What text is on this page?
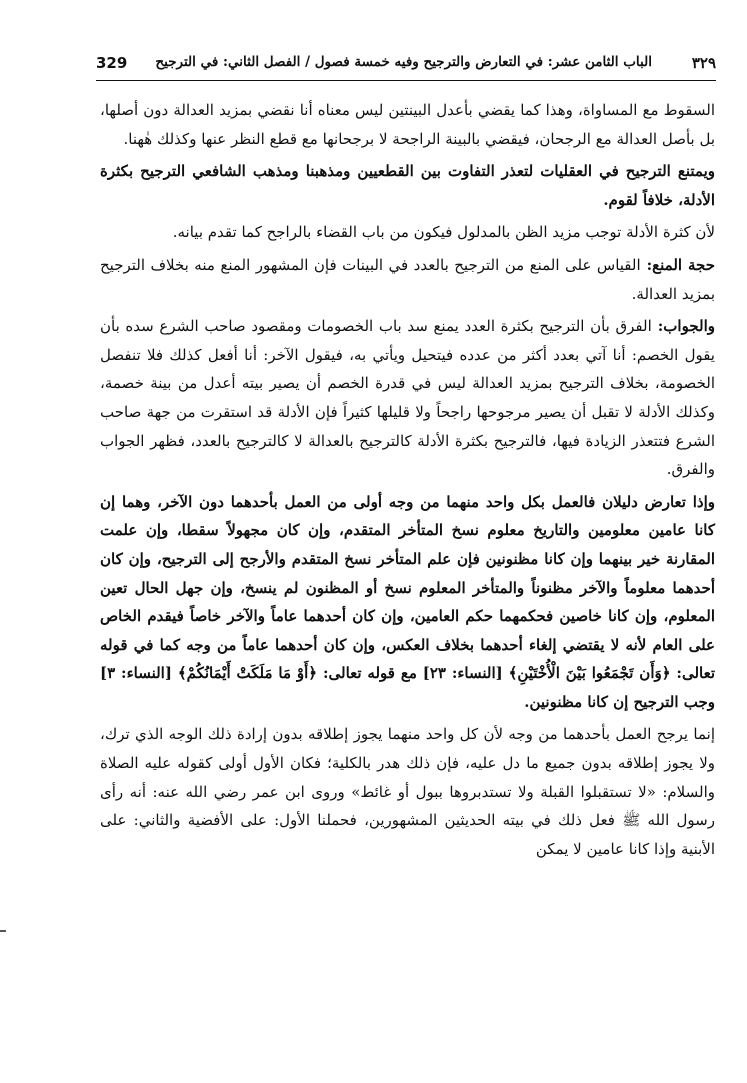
329 الباب الثامن عشر: في التعارض والترجيح وفيه خمسة فصول / الفصل الثاني: في الترجيح	٣٢٩

السقوط مع المساواة، وهذا كما يقضي بأعدل البينتين ليس معناه أنا نقضي بمزيد العدالة دون أصلها، بل بأصل العدالة مع الرجحان، فيقضي بالبينة الراجحة لا برجحانها مع قطع النظر عنها وكذلك هٰهنا.

ويمتنع الترجيح في العقليات لتعذر التفاوت بين القطعيين ومذهبنا ومذهب الشافعي الترجيح بكثرة الأدلة، خلافاً لقوم.

لأن كثرة الأدلة توجب مزيد الظن بالمدلول فيكون من باب القضاء بالراجح كما تقدم بيانه.

حجة المنع:القياس على المنع من الترجيح بالعدد في البينات فإن المشهور المنع منه بخلاف الترجيح بمزيد العدالة.

والجواب:الفرق بأن الترجيح بكثرة العدد يمنع سد باب الخصومات ومقصود صاحب الشرع سده بأن يقول الخصم: أنا آتي بعدد أكثر من عدده فيتحيل ويأتي به، فيقول الآخر: أنا أفعل كذلك فلا تنفصل الخصومة، بخلاف الترجيح بمزيد العدالة ليس في قدرة الخصم أن يصير بيته أعدل من بينة خصمة، وكذلك الأدلة لا تقبل أن يصير مرجوحها راجحاً ولا قليلها كثيراً فإن الأدلة قد استقرت من جهة صاحب الشرع فتتعذر الزيادة فيها، فالترجيح بكثرة الأدلة كالترجيح بالعدالة لا كالترجيح بالعدد، فظهر الجواب والفرق.

وإذا تعارض دليلان فالعمل بكل واحد منهما من وجه أولى من العمل بأحدهما دون الآخر، وهما إن كانا عامين معلومين والتاريخ معلوم نسخ المتأخر المتقدم، وإن كان مجهولاً سقطا، وإن علمت المقارنة خير بينهما وإن كانا مظنونين فإن علم المتأخر نسخ المتقدم والأرجح إلى الترجيح، وإن كان أحدهما معلوماً والآخر مظنوناً والمتأخر المعلوم نسخ أو المظنون لم ينسخ، وإن جهل الحال تعين المعلوم، وإن كانا خاصين فحكمهما حكم العامين، وإن كان أحدهما عاماً والآخر خاصاً فيقدم الخاص على العام لأنه لا يقتضي إلغاء أحدهما بخلاف العكس، وإن كان أحدهما عاماً من وجه كما في قوله تعالى: ﴿وَأَن تَجْمَعُوا بَيْنَ الْأُخْتَيْنِ﴾ [النساء: ٢٣] مع قوله تعالى: ﴿أَوْ مَا مَلَكَتْ أَيْمَانُكُمْ﴾ [النساء: ٣] وجب الترجيح إن كانا مظنونين.

إنما يرجح العمل بأحدهما من وجه لأن كل واحد منهما يجوز إطلاقه بدون إرادة ذلك الوجه الذي ترك، ولا يجوز إطلاقه بدون جميع ما دل عليه، فإن ذلك هدر بالكلية؛ فكان الأول أولى كقوله عليه الصلاة والسلام: «لا تستقبلوا القبلة ولا تستدبروها ببول أو غائط» وروى ابن عمر رضي الله عنه: أنه رأى رسول الله ﷺ فعل ذلك في بيته الحديثين المشهورين، فحملنا الأول: على الأفضية والثاني: على الأبنية وإذا كانا عامين لا يمكن
